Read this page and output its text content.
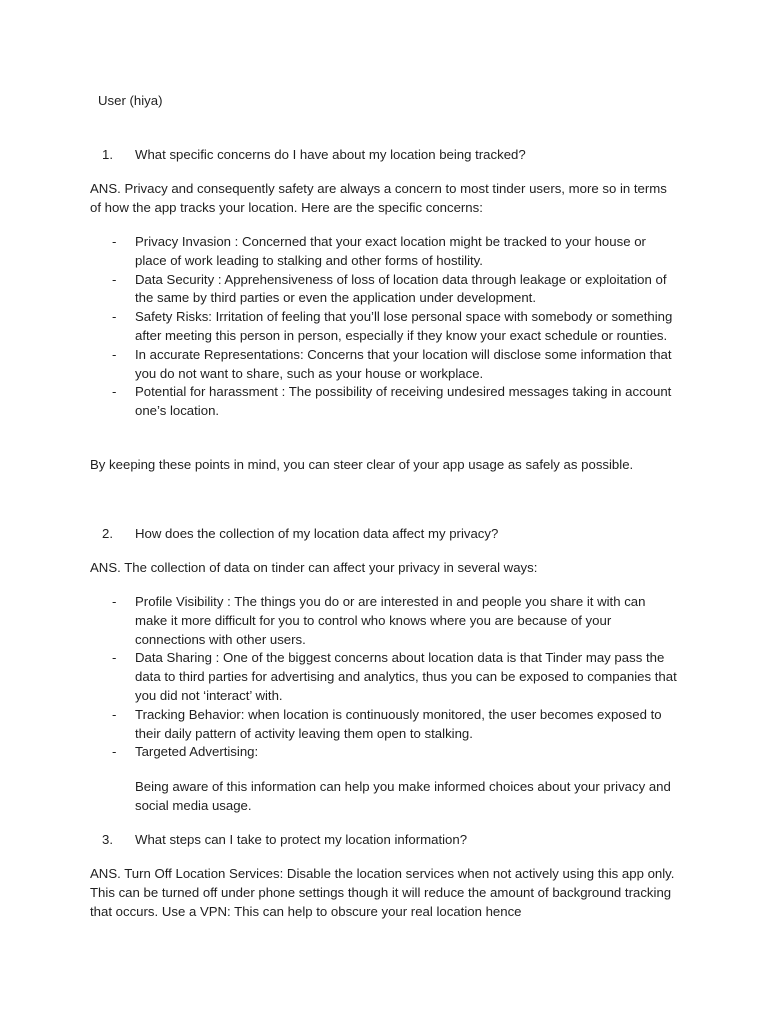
User (hiya)
1. What specific concerns do I have about my location being tracked?
ANS. Privacy and consequently safety are always a concern to most tinder users, more so in terms of how the app tracks your location. Here are the specific concerns:
- Privacy Invasion : Concerned that your exact location might be tracked to your house or place of work leading to stalking and other forms of hostility.
- Data Security : Apprehensiveness of loss of location data through leakage or exploitation of the same by third parties or even the application under development.
- Safety Risks: Irritation of feeling that you’ll lose personal space with somebody or something after meeting this person in person, especially if they know your exact schedule or rounties.
- In accurate Representations: Concerns that your location will disclose some information that you do not want to share, such as your house or workplace.
- Potential for harassment : The possibility of receiving undesired messages taking in account one’s location.
By keeping these points in mind, you can steer clear of your app usage as safely as possible.
2. How does the collection of my location data affect my privacy?
ANS. The collection of data on tinder can affect your privacy in several ways:
- Profile Visibility : The things you do or are interested in and people you share it with can make it more difficult for you to control who knows where you are because of your connections with other users.
- Data Sharing : One of the biggest concerns about location data is that Tinder may pass the data to third parties for advertising and analytics, thus you can be exposed to companies that you did not ‘interact’ with.
- Tracking Behavior: when location is continuously monitored, the user becomes exposed to their daily pattern of activity leaving them open to stalking.
- Targeted Advertising:
Being aware of this information can help you make informed choices about your privacy and social media usage.
3. What steps can I take to protect my location information?
ANS. Turn Off Location Services: Disable the location services when not actively using this app only. This can be turned off under phone settings though it will reduce the amount of background tracking that occurs. Use a VPN: This can help to obscure your real location hence
